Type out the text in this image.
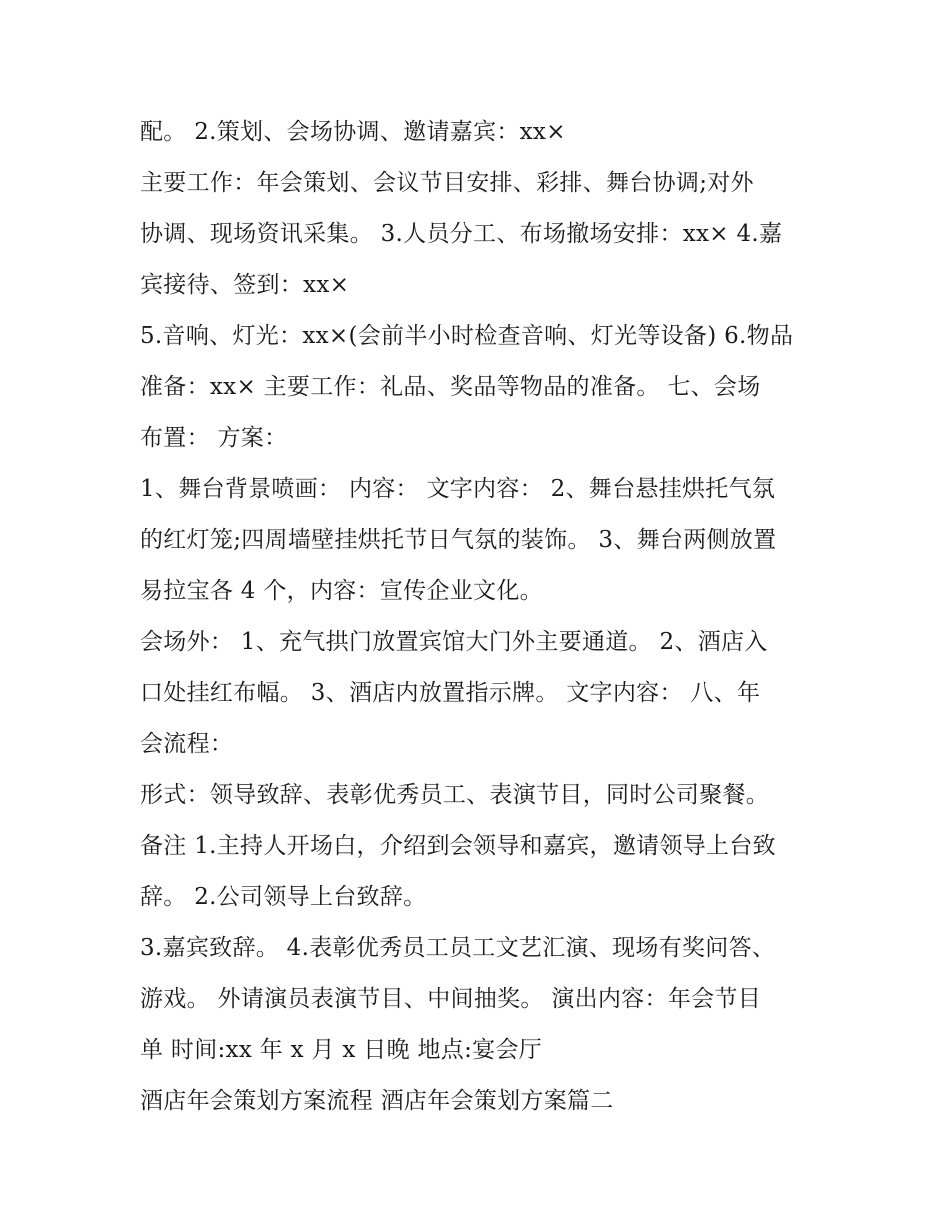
配。 2.策划、会场协调、邀请嘉宾：xx×
主要工作：年会策划、会议节目安排、彩排、舞台协调;对外
协调、现场资讯采集。 3.人员分工、布场撤场安排：xx× 4.嘉
宾接待、签到：xx×
5.音响、灯光：xx×(会前半小时检查音响、灯光等设备) 6.物品
准备：xx× 主要工作：礼品、奖品等物品的准备。 七、会场
布置： 方案：
1、舞台背景喷画： 内容： 文字内容： 2、舞台悬挂烘托气氛
的红灯笼;四周墙壁挂烘托节日气氛的装饰。 3、舞台两侧放置
易拉宝各 4 个，内容：宣传企业文化。
会场外： 1、充气拱门放置宾馆大门外主要通道。 2、酒店入
口处挂红布幅。 3、酒店内放置指示牌。 文字内容： 八、年
会流程：
形式：领导致辞、表彰优秀员工、表演节目，同时公司聚餐。
备注 1.主持人开场白，介绍到会领导和嘉宾，邀请领导上台致
辞。 2.公司领导上台致辞。
3.嘉宾致辞。 4.表彰优秀员工员工文艺汇演、现场有奖问答、
游戏。 外请演员表演节目、中间抽奖。 演出内容：年会节目
单 时间:xx 年 x 月 x 日晚 地点:宴会厅
酒店年会策划方案流程 酒店年会策划方案篇二
